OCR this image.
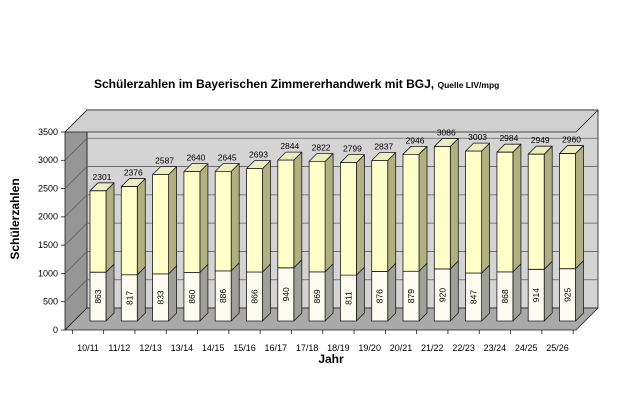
Schülerzahlen im Bayerischen Zimmererhandwerk mit BGJ, Quelle LIV/mpg
Schülerzahlen
0
500
1000
1500
2000
2500
3000
3500
863
2301
10/11
817
2376
11/12
833
2587
12/13
860
2640
13/14
886
2645
14/15
866
2693
15/16
940
2844
16/17
869
2822
17/18
811
2799
18/19
876
2837
19/20
879
2946
20/21
920
3086
21/22
847
3003
22/23
868
2984
23/24
914
2949
24/25
925
2960
25/26
Jahr
